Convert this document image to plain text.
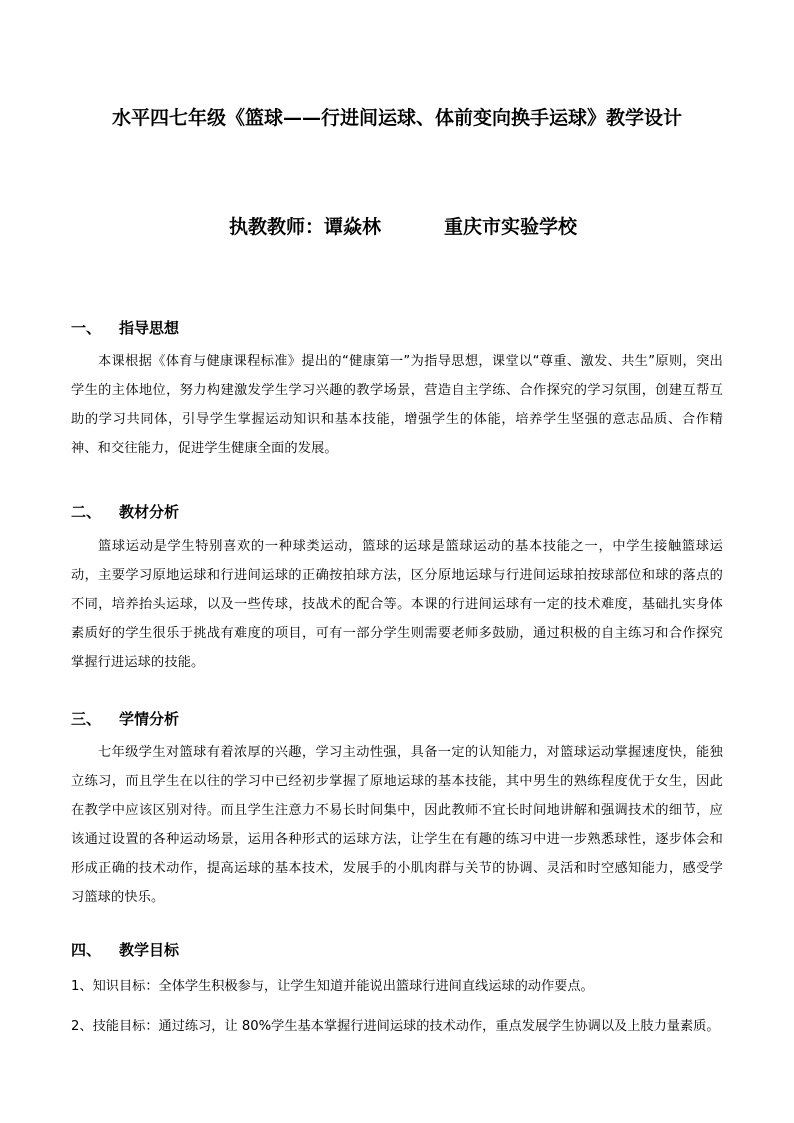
水平四七年级《篮球——行进间运球、体前变向换手运球》教学设计
执教教师：谭焱林	重庆市实验学校
一、 指导思想
本课根据《体育与健康课程标准》提出的“健康第一”为指导思想，课堂以“尊重、激发、共生”原则，突出学生的主体地位，努力构建激发学生学习兴趣的教学场景，营造自主学练、合作探究的学习氛围，创建互帮互助的学习共同体，引导学生掌握运动知识和基本技能，增强学生的体能，培养学生坚强的意志品质、合作精神、和交往能力，促进学生健康全面的发展。
二、 教材分析
篮球运动是学生特别喜欢的一种球类运动，篮球的运球是篮球运动的基本技能之一，中学生接触篮球运动，主要学习原地运球和行进间运球的正确按拍球方法，区分原地运球与行进间运球拍按球部位和球的落点的不同，培养抬头运球，以及一些传球，技战术的配合等。本课的行进间运球有一定的技术难度，基础扎实身体素质好的学生很乐于挑战有难度的项目，可有一部分学生则需要老师多鼓励，通过积极的自主练习和合作探究掌握行进运球的技能。
三、 学情分析
七年级学生对篮球有着浓厚的兴趣，学习主动性强，具备一定的认知能力，对篮球运动掌握速度快，能独立练习，而且学生在以往的学习中已经初步掌握了原地运球的基本技能，其中男生的熟练程度优于女生，因此在教学中应该区别对待。而且学生注意力不易长时间集中，因此教师不宜长时间地讲解和强调技术的细节，应该通过设置的各种运动场景，运用各种形式的运球方法，让学生在有趣的练习中进一步熟悉球性，逐步体会和形成正确的技术动作，提高运球的基本技术，发展手的小肌肉群与关节的协调、灵活和时空感知能力，感受学习篮球的快乐。
四、 教学目标
1、知识目标：全体学生积极参与，让学生知道并能说出篮球行进间直线运球的动作要点。
2、技能目标：通过练习，让 80%学生基本掌握行进间运球的技术动作，重点发展学生协调以及上肢力量素质。
